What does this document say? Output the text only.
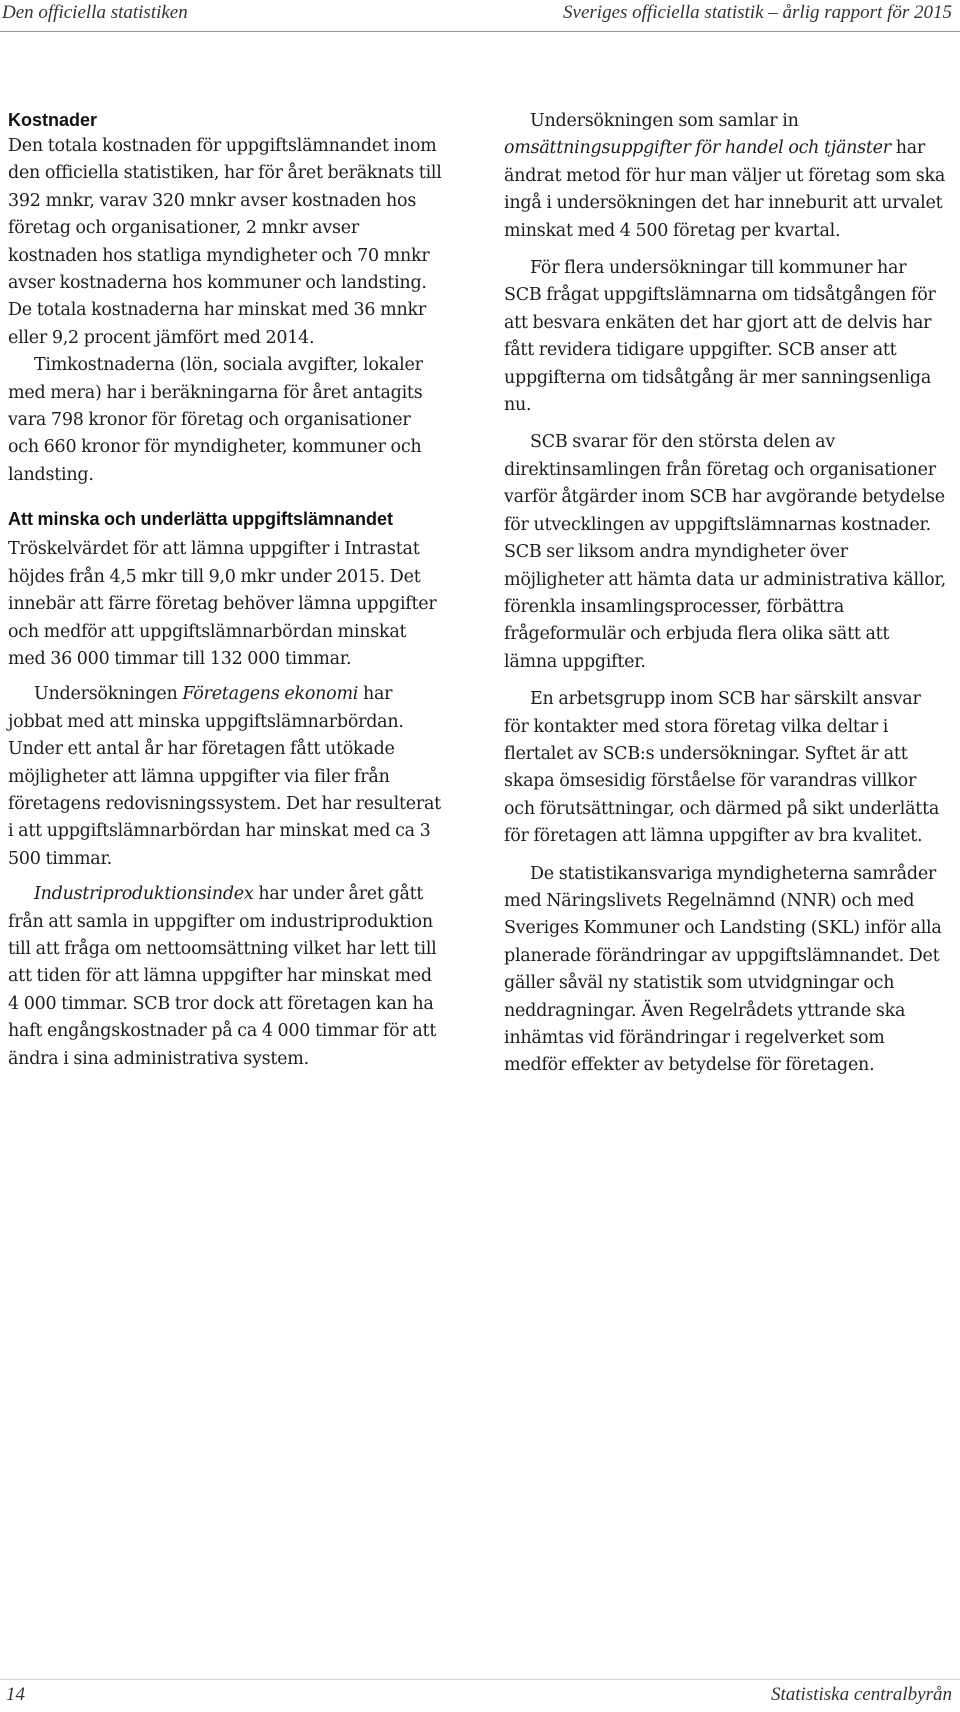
Den officiella statistiken	Sveriges officiella statistik – årlig rapport för 2015
Kostnader

Den totala kostnaden för uppgiftslämnandet inom den officiella statistiken, har för året beräknats till 392 mnkr, varav 320 mnkr avser kostnaden hos företag och organisationer, 2 mnkr avser kostnaden hos statliga myndigheter och 70 mnkr avser kostnaderna hos kommuner och landsting. De totala kostnaderna har minskat med 36 mnkr eller 9,2 procent jämfört med 2014.

Timkostnaderna (lön, sociala avgifter, lokaler med mera) har i beräkningarna för året antagits vara 798 kronor för företag och organisationer och 660 kronor för myndigheter, kommuner och landsting.

Att minska och underlätta uppgiftslämnandet

Tröskelvärdet för att lämna uppgifter i Intrastat höjdes från 4,5 mkr till 9,0 mkr under 2015. Det innebär att färre företag behöver lämna uppgifter och medför att uppgiftslämnarbördan minskat med 36 000 timmar till 132 000 timmar.

Undersökningen Företagens ekonomi har jobbat med att minska uppgiftslämnarbördan. Under ett antal år har företagen fått utökade möjligheter att lämna uppgifter via filer från företagens redovisningssystem. Det har resulterat i att uppgiftslämnarbördan har minskat med ca 3 500 timmar.

Industriproduktionsindex har under året gått från att samla in uppgifter om industriproduktion till att fråga om nettoomsättning vilket har lett till att tiden för att lämna uppgifter har minskat med 4 000 timmar. SCB tror dock att företagen kan ha haft engångskostnader på ca 4 000 timmar för att ändra i sina administrativa system.

Undersökningen som samlar in omsättningsuppgifter för handel och tjänster har ändrat metod för hur man väljer ut företag som ska ingå i undersökningen det har inneburit att urvalet minskat med 4 500 företag per kvartal.

För flera undersökningar till kommuner har SCB frågat uppgiftslämnarna om tidsåtgången för att besvara enkäten det har gjort att de delvis har fått revidera tidigare uppgifter. SCB anser att uppgifterna om tidsåtgång är mer sanningsenliga nu.

SCB svarar för den största delen av direktinsamlingen från företag och organisationer varför åtgärder inom SCB har avgörande betydelse för utvecklingen av uppgiftslämnarnas kostnader. SCB ser liksom andra myndigheter över möjligheter att hämta data ur administrativa källor, förenkla insamlingsprocesser, förbättra frågeformulär och erbjuda flera olika sätt att lämna uppgifter.

En arbetsgrupp inom SCB har särskilt ansvar för kontakter med stora företag vilka deltar i flertalet av SCB:s undersökningar. Syftet är att skapa ömsesidig förståelse för varandras villkor och förutsättningar, och därmed på sikt underlätta för företagen att lämna uppgifter av bra kvalitet.

De statistikansvariga myndigheterna samråder med Näringslivets Regelnämnd (NNR) och med Sveriges Kommuner och Landsting (SKL) inför alla planerade förändringar av uppgiftslämnandet. Det gäller såväl ny statistik som utvidgningar och neddragningar. Även Regelrådets yttrande ska inhämtas vid förändringar i regelverket som medför effekter av betydelse för företagen.

14	Statistiska centralbyrån
